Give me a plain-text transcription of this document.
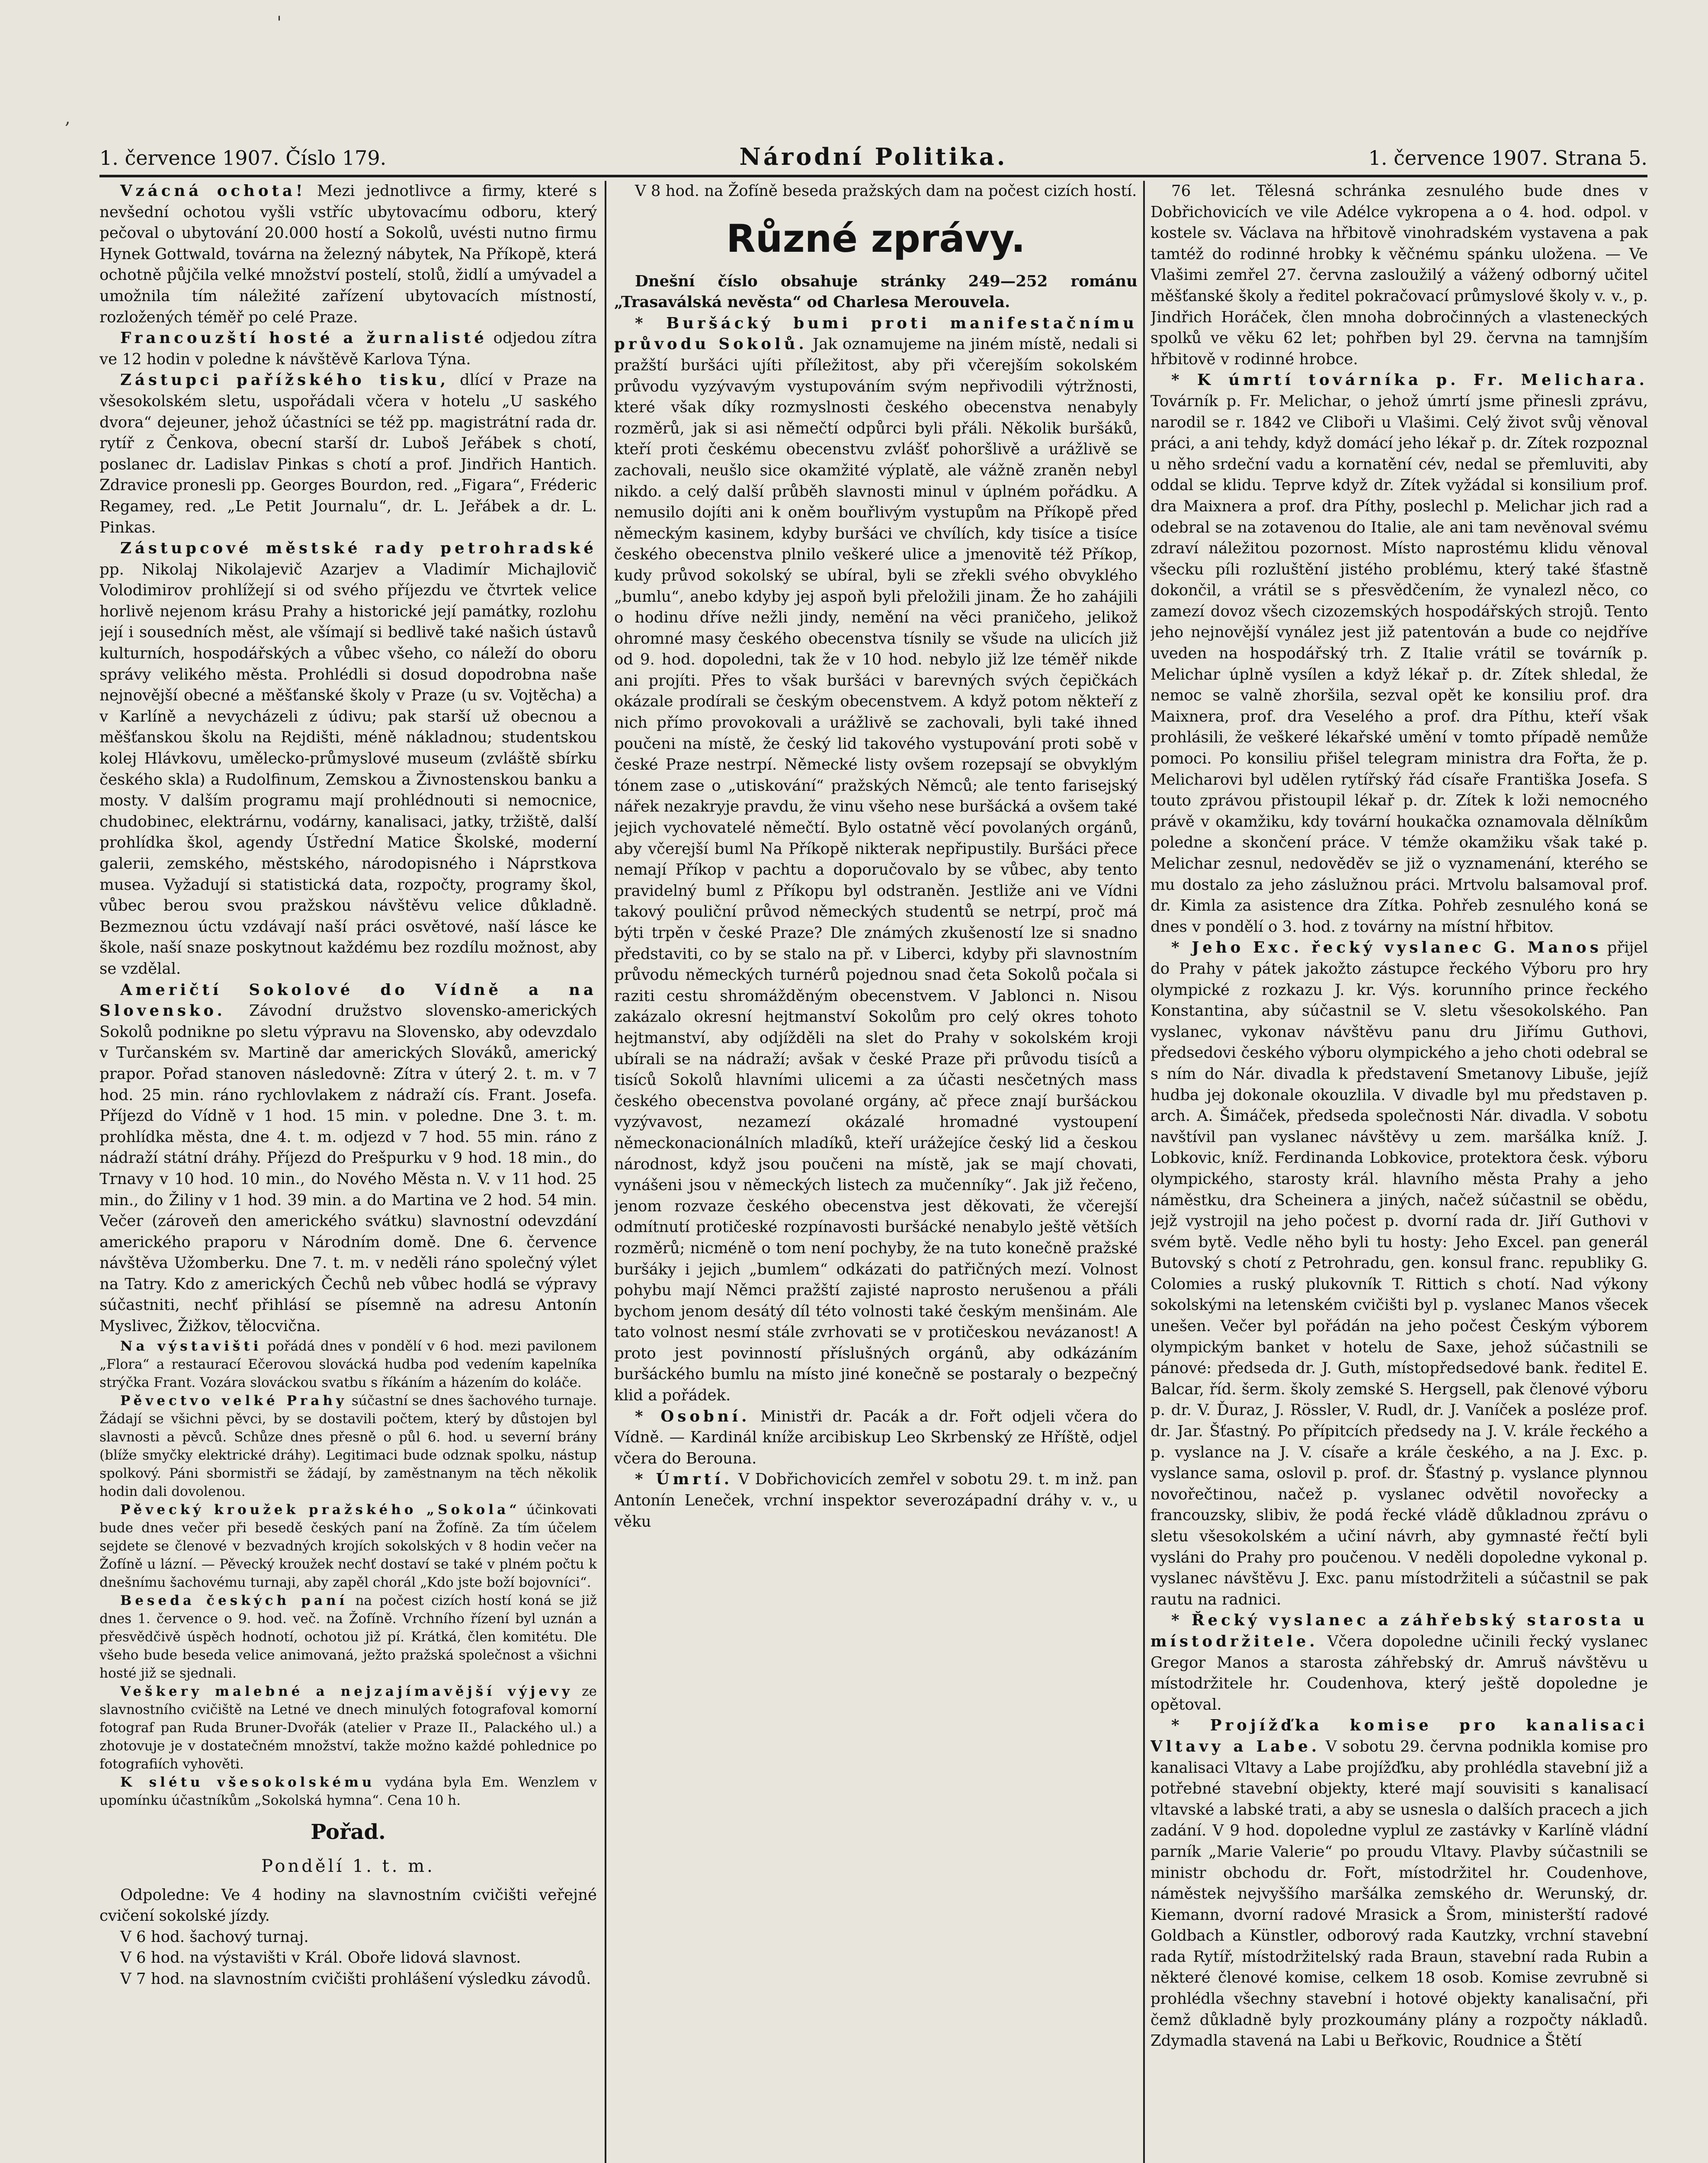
'
,
1. července 1907. Číslo 179.	Národní Politika.	1. července 1907. Strana 5.

Vzácná ochota! Mezi jednotlivce a firmy, které s nevšední ochotou vyšli vstříc ubytovacímu odboru, který pečoval o ubytování 20.000 hostí a Sokolů, uvésti nutno firmu Hynek Gottwald, továrna na železný nábytek, Na Příkopě, která ochotně půjčila velké množství postelí, stolů, židlí a umývadel a umožnila tím náležité zařízení ubytovacích místností, rozložených téměř po celé Praze.

Francouzští hosté a žurnalisté odjedou zítra ve 12 hodin v poledne k návštěvě Karlova Týna.

Zástupci pařížského tisku, dlící v Praze na všesokolském sletu, uspořádali včera v hotelu „U saského dvora“ dejeuner, jehož účastníci se též pp. magistrátní rada dr. rytíř z Čenkova, obecní starší dr. Luboš Jeřábek s chotí, poslanec dr. Ladislav Pinkas s chotí a prof. Jindřich Hantich. Zdravice pronesli pp. Georges Bourdon, red. „Figara“, Fréderic Regamey, red. „Le Petit Journalu“, dr. L. Jeřábek a dr. L. Pinkas.

Zástupcové městské rady petrohradské pp. Nikolaj Nikolajevič Azarjev a Vladimír Michajlovič Volodimirov prohlížejí si od svého příjezdu ve čtvrtek velice horlivě nejenom krásu Prahy a historické její památky, rozlohu její i sousedních měst, ale všímají si bedlivě také našich ústavů kulturních, hospodářských a vůbec všeho, co náleží do oboru správy velikého města. Prohlédli si dosud dopodrobna naše nejnovější obecné a měšťanské školy v Praze (u sv. Vojtěcha) a v Karlíně a nevycházeli z údivu; pak starší už obecnou a měšťanskou školu na Rejdišti, méně nákladnou; studentskou kolej Hlávkovu, umělecko-průmyslové museum (zvláště sbírku českého skla) a Rudolfinum, Zemskou a Živnostenskou banku a mosty. V dalším programu mají prohlédnouti si nemocnice, chudobinec, elektrárnu, vodárny, kanalisaci, jatky, tržiště, další prohlídka škol, agendy Ústřední Matice Školské, moderní galerii, zemského, městského, národopisného i Náprstkova musea. Vyžadují si statistická data, rozpočty, programy škol, vůbec berou svou pražskou návštěvu velice důkladně. Bezmeznou úctu vzdávají naší práci osvětové, naší lásce ke škole, naší snaze poskytnout každému bez rozdílu možnost, aby se vzdělal.

Američtí Sokolové do Vídně a na Slovensko. Závodní družstvo slovensko-amerických Sokolů podnikne po sletu výpravu na Slovensko, aby odevzdalo v Turčanském sv. Martině dar amerických Slováků, americký prapor. Pořad stanoven následovně: Zítra v úterý 2. t. m. v 7 hod. 25 min. ráno rychlovlakem z nádraží cís. Frant. Josefa. Příjezd do Vídně v 1 hod. 15 min. v poledne. Dne 3. t. m. prohlídka města, dne 4. t. m. odjezd v 7 hod. 55 min. ráno z nádraží státní dráhy. Příjezd do Prešpurku v 9 hod. 18 min., do Trnavy v 10 hod. 10 min., do Nového Města n. V. v 11 hod. 25 min., do Žiliny v 1 hod. 39 min. a do Martina ve 2 hod. 54 min. Večer (zároveň den amerického svátku) slavnostní odevzdání amerického praporu v Národním domě. Dne 6. července návštěva Užomberku. Dne 7. t. m. v neděli ráno společný výlet na Tatry. Kdo z amerických Čechů neb vůbec hodlá se výpravy súčastniti, nechť přihlásí se písemně na adresu Antonín Myslivec, Žižkov, tělocvična.

Na výstavišti pořádá dnes v pondělí v 6 hod. mezi pavilonem „Flora“ a restaurací Ečerovou slovácká hudba pod vedením kapelníka strýčka Frant. Vozára slováckou svatbu s říkáním a házením do koláče.

Pěvectvo velké Prahy súčastní se dnes šachového turnaje. Žádají se všichni pěvci, by se dostavili počtem, který by důstojen byl slavnosti a pěvců. Schůze dnes přesně o půl 6. hod. u severní brány (blíže smyčky elektrické dráhy). Legitimaci bude odznak spolku, nástup spolkový. Páni sbormistři se žádají, by zaměstnanym na těch několik hodin dali dovolenou.

Pěvecký kroužek pražského „Sokola“ účinkovati bude dnes večer při besedě českých paní na Žofíně. Za tím účelem sejdete se členové v bezvadných krojích sokolských v 8 hodin večer na Žofíně u lázní. — Pěvecký kroužek nechť dostaví se také v plném počtu k dnešnímu šachovému turnaji, aby zapěl chorál „Kdo jste boží bojovníci“.

Beseda českých paní na počest cizích hostí koná se již dnes 1. července o 9. hod. več. na Žofíně. Vrchního řízení byl uznán a přesvědčivě úspěch hodnotí, ochotou již pí. Krátká, člen komitétu. Dle všeho bude beseda velice animovaná, ježto pražská společnost a všichni hosté již se sjednali.

Veškery malebné a nejzajímavější výjevy ze slavnostního cvičiště na Letné ve dnech minulých fotografoval komorní fotograf pan Ruda Bruner-Dvořák (atelier v Praze II., Palackého ul.) a zhotovuje je v dostatečném množství, takže možno každé pohlednice po fotografiích vyhověti.

K slétu všesokolskému vydána byla Em. Wenzlem v upomínku účastníkům „Sokolská hymna“. Cena 10 h.

Pořad.
Pondělí 1. t. m.

Odpoledne: Ve 4 hodiny na slavnostním cvičišti veřejné cvičení sokolské jízdy.

V 6 hod. šachový turnaj.

V 6 hod. na výstavišti v Král. Oboře lidová slavnost.

V 7 hod. na slavnostním cvičišti prohlášení výsledku závodů.

V 8 hod. na Žofíně beseda pražských dam na počest cizích hostí.

Různé zprávy.

Dnešní číslo obsahuje stránky 249—252 románu „Trasaválská nevěsta“ od Charlesa Merouvela.

* Buršácký bumi proti manifestačnímu průvodu Sokolů. Jak oznamujeme na jiném místě, nedali si pražští buršáci ujíti příležitost, aby při včerejším sokolském průvodu vyzývavým vystupováním svým nepřivodili výtržnosti, které však díky rozmyslnosti českého obecenstva nenabyly rozměrů, jak si asi němečtí odpůrci byli přáli. Několik buršáků, kteří proti českému obecenstvu zvlášť pohoršlivě a urážlivě se zachovali, neušlo sice okamžité výplatě, ale vážně zraněn nebyl nikdo. a celý další průběh slavnosti minul v úplném pořádku. A nemusilo dojíti ani k oněm bouřlivým vystupům na Příkopě před německým kasinem, kdyby buršáci ve chvílích, kdy tisíce a tisíce českého obecenstva plnilo veškeré ulice a jmenovitě též Příkop, kudy průvod sokolský se ubíral, byli se zřekli svého obvyklého „bumlu“, anebo kdyby jej aspoň byli přeložili jinam. Že ho zahájili o hodinu dříve nežli jindy, nemění na věci praničeho, jelikož ohromné masy českého obecenstva tísnily se všude na ulicích již od 9. hod. dopoledni, tak že v 10 hod. nebylo již lze téměř nikde ani projíti. Přes to však buršáci v barevných svých čepičkách okázale prodírali se českým obecenstvem. A když potom někteří z nich přímo provokovali a urážlivě se zachovali, byli také ihned poučeni na místě, že český lid takového vystupování proti sobě v české Praze nestrpí. Německé listy ovšem rozepsají se obvyklým tónem zase o „utiskování“ pražských Němců; ale tento farisejský nářek nezakryje pravdu, že vinu všeho nese buršácká a ovšem také jejich vychovatelé němečtí. Bylo ostatně věcí povolaných orgánů, aby včerejší buml Na Příkopě nikterak nepřipustily. Buršáci přece nemají Příkop v pachtu a doporučovalo by se vůbec, aby tento pravidelný buml z Příkopu byl odstraněn. Jestliže ani ve Vídni takový pouliční průvod německých studentů se netrpí, proč má býti trpěn v české Praze? Dle známých zkušeností lze si snadno představiti, co by se stalo na př. v Liberci, kdyby při slavnostním průvodu německých turnérů pojednou snad četa Sokolů počala si raziti cestu shromážděným obecenstvem. V Jablonci n. Nisou zakázalo okresní hejtmanství Sokolům pro celý okres tohoto hejtmanství, aby odjížděli na slet do Prahy v sokolském kroji ubírali se na nádraží; avšak v české Praze při průvodu tisíců a tisíců Sokolů hlavními ulicemi a za účasti nesčetných mass českého obecenstva povolané orgány, ač přece znají buršáckou vyzývavost, nezamezí okázalé hromadné vystoupení německonacionálních mladíků, kteří urážejíce český lid a českou národnost, když jsou poučeni na místě, jak se mají chovati, vynášeni jsou v německých listech za mučenníky“. Jak již řečeno, jenom rozvaze českého obecenstva jest děkovati, že včerejší odmítnutí protičeské rozpínavosti buršácké nenabylo ještě větších rozměrů; nicméně o tom není pochyby, že na tuto konečně pražské buršáky i jejich „bumlem“ odkázati do patřičných mezí. Volnost pohybu mají Němci pražští zajisté naprosto nerušenou a přáli bychom jenom desátý díl této volnosti také českým menšinám. Ale tato volnost nesmí stále zvrhovati se v protičeskou nevázanost! A proto jest povinností příslušných orgánů, aby odkázáním buršáckého bumlu na místo jiné konečně se postaraly o bezpečný klid a pořádek.

* Osobní. Ministři dr. Pacák a dr. Fořt odjeli včera do Vídně. — Kardinál kníže arcibiskup Leo Skrbenský ze Hříště, odjel včera do Berouna.

* Úmrtí. V Dobřichovicích zemřel v sobotu 29. t. m inž. pan Antonín Leneček, vrchní inspektor severozápadní dráhy v. v., u věku

76 let. Tělesná schránka zesnulého bude dnes v Dobřichovicích ve vile Adélce vykropena a o 4. hod. odpol. v kostele sv. Václava na hřbitově vinohradském vystavena a pak tamtéž do rodinné hrobky k věčnému spánku uložena. — Ve Vlašimi zemřel 27. června zasloužilý a vážený odborný učitel měšťanské školy a ředitel pokračovací průmyslové školy v. v., p. Jindřich Horáček, člen mnoha dobročinných a vlasteneckých spolků ve věku 62 let; pohřben byl 29. června na tamnjším hřbitově v rodinné hrobce.

* K úmrtí továrníka p. Fr. Melichara. Továrník p. Fr. Melichar, o jehož úmrtí jsme přinesli zprávu, narodil se r. 1842 ve Cliboři u Vlašimi. Celý život svůj věnoval práci, a ani tehdy, když domácí jeho lékař p. dr. Zítek rozpoznal u něho srdeční vadu a kornatění cév, nedal se přemluviti, aby oddal se klidu. Teprve když dr. Zítek vyžádal si konsilium prof. dra Maixnera a prof. dra Píthy, poslechl p. Melichar jich rad a odebral se na zotavenou do Italie, ale ani tam nevěnoval svému zdraví náležitou pozornost. Místo naprostému klidu věnoval všecku píli rozluštění jistého problému, který také šťastně dokončil, a vrátil se s přesvědčením, že vynalezl něco, co zamezí dovoz všech cizozemských hospodářských strojů. Tento jeho nejnovější vynález jest již patentován a bude co nejdříve uveden na hospodářský trh. Z Italie vrátil se továrník p. Melichar úplně vysílen a když lékař p. dr. Zítek shledal, že nemoc se valně zhoršila, sezval opět ke konsiliu prof. dra Maixnera, prof. dra Veselého a prof. dra Píthu, kteří však prohlásili, že veškeré lékařské umění v tomto případě nemůže pomoci. Po konsiliu přišel telegram ministra dra Fořta, že p. Melicharovi byl udělen rytířský řád císaře Františka Josefa. S touto zprávou přistoupil lékař p. dr. Zítek k loži nemocného právě v okamžiku, kdy tovární houkačka oznamovala dělníkům poledne a skončení práce. V témže okamžiku však také p. Melichar zesnul, nedověděv se již o vyznamenání, kterého se mu dostalo za jeho záslužnou práci. Mrtvolu balsamoval prof. dr. Kimla za asistence dra Zítka. Pohřeb zesnulého koná se dnes v pondělí o 3. hod. z továrny na místní hřbitov.

* Jeho Exc. řecký vyslanec G. Manos přijel do Prahy v pátek jakožto zástupce řeckého Výboru pro hry olympické z rozkazu J. kr. Výs. korunního prince řeckého Konstantina, aby súčastnil se V. sletu všesokolského. Pan vyslanec, vykonav návštěvu panu dru Jiřímu Guthovi, předsedovi českého výboru olympického a jeho choti odebral se s ním do Nár. divadla k představení Smetanovy Libuše, jejíž hudba jej dokonale okouzlila. V divadle byl mu představen p. arch. A. Šimáček, předseda společnosti Nár. divadla. V sobotu navštívil pan vyslanec návštěvy u zem. maršálka kníž. J. Lobkovic, kníž. Ferdinanda Lobkovice, protektora česk. výboru olympického, starosty král. hlavního města Prahy a jeho náměstku, dra Scheinera a jiných, načež súčastnil se obědu, jejž vystrojil na jeho počest p. dvorní rada dr. Jiří Guthovi v svém bytě. Vedle něho byli tu hosty: Jeho Excel. pan generál Butovský s chotí z Petrohradu, gen. konsul franc. republiky G. Colomies a ruský plukovník T. Rittich s chotí. Nad výkony sokolskými na letenském cvičišti byl p. vyslanec Manos všecek unešen. Večer byl pořádán na jeho počest Českým výborem olympickým banket v hotelu de Saxe, jehož súčastnili se pánové: předseda dr. J. Guth, místopředsedové bank. ředitel E. Balcar, říd. šerm. školy zemské S. Hergsell, pak členové výboru p. dr. V. Ďuraz, J. Rössler, V. Rudl, dr. J. Vaníček a posléze prof. dr. Jar. Šťastný. Po přípitcích předsedy na J. V. krále řeckého a p. vyslance na J. V. císaře a krále českého, a na J. Exc. p. vyslance sama, oslovil p. prof. dr. Šťastný p. vyslance plynnou novořečtinou, načež p. vyslanec odvětil novořecky a francouzsky, slibiv, že podá řecké vládě důkladnou zprávu o sletu všesokolském a učiní návrh, aby gymnasté řečtí byli vysláni do Prahy pro poučenou. V neděli dopoledne vykonal p. vyslanec návštěvu J. Exc. panu místodržiteli a súčastnil se pak rautu na radnici.

* Řecký vyslanec a záhřebský starosta u místodržitele. Včera dopoledne učinili řecký vyslanec Gregor Manos a starosta záhřebský dr. Amruš návštěvu u místodržitele hr. Coudenhova, který ještě dopoledne je opětoval.

* Projížďka komise pro kanalisaci Vltavy a Labe. V sobotu 29. června podnikla komise pro kanalisaci Vltavy a Labe projížďku, aby prohlédla stavební již a potřebné stavební objekty, které mají souvisiti s kanalisací vltavské a labské trati, a aby se usnesla o dalších pracech a jich zadání. V 9 hod. dopoledne vyplul ze zastávky v Karlíně vládní parník „Marie Valerie“ po proudu Vltavy. Plavby súčastnili se ministr obchodu dr. Fořt, místodržitel hr. Coudenhove, náměstek nejvyššího maršálka zemského dr. Werunský, dr. Kiemann, dvorní radové Mrasick a Šrom, ministerští radové Goldbach a Künstler, odborový rada Kautzky, vrchní stavební rada Rytíř, místodržitelský rada Braun, stavební rada Rubin a některé členové komise, celkem 18 osob. Komise zevrubně si prohlédla všechny stavební i hotové objekty kanalisační, při čemž důkladně byly prozkoumány plány a rozpočty nákladů. Zdymadla stavená na Labi u Beřkovic, Roudnice a Štětí
